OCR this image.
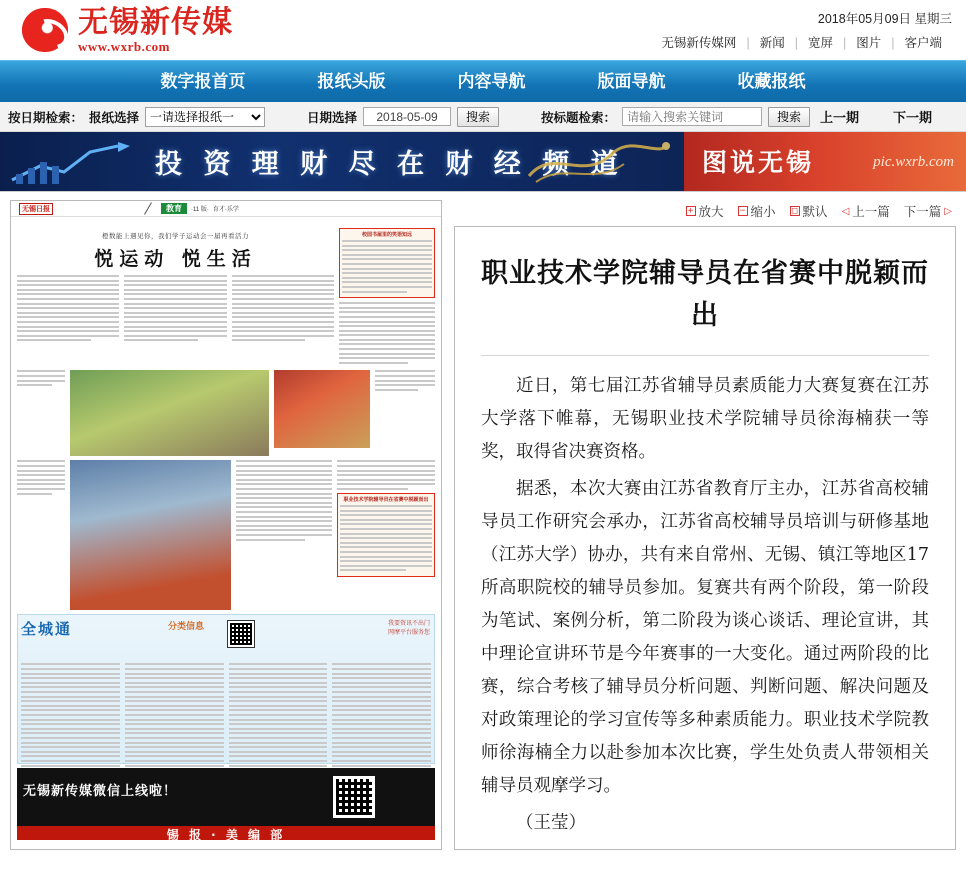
无锡新传媒
www.wxrb.com
2018年05月09日 星期三
无锡新传媒网 | 新闻 | 宽屏 | 图片 | 客户端
数字报首页	报纸头版	内容导航	版面导航	收藏报纸
按日期检索： 报纸选择
一请选择报纸一	日期选择
2018-05-09	搜索	按标题检索：
请输入搜索关键词	搜索	上一期	下一期
投 资 理 财 尽 在 财 经 频 道	图说无锡	pic.wxrb.com
无锡日报	教育	·11 版· 育才·乐学
橙数能上遇见你，我们学子运动会一届再看活力
悦运动 悦生活
校园书屋里的笑语知远
职业技术学院辅导员在省赛中脱颖而出
全城通	分类信息	我要资讯不出门
网摩平台服务您
无锡新传媒微信上线啦！
锡 报 · 美 编 部
+ 放大 − 缩小 □ 默认 ◁ 上一篇 下一篇 ▷
职业技术学院辅导员在省赛中脱颖而出

近日，第七届江苏省辅导员素质能力大赛复赛在江苏大学落下帷幕，无锡职业技术学院辅导员徐海楠获一等奖，取得省决赛资格。

据悉，本次大赛由江苏省教育厅主办，江苏省高校辅导员工作研究会承办，江苏省高校辅导员培训与研修基地（江苏大学）协办，共有来自常州、无锡、镇江等地区17所高职院校的辅导员参加。复赛共有两个阶段，第一阶段为笔试、案例分析，第二阶段为谈心谈话、理论宣讲，其中理论宣讲环节是今年赛事的一大变化。通过两阶段的比赛，综合考核了辅导员分析问题、判断问题、解决问题及对政策理论的学习宣传等多种素质能力。职业技术学院教师徐海楠全力以赴参加本次比赛，学生处负责人带领相关辅导员观摩学习。

（王莹）
